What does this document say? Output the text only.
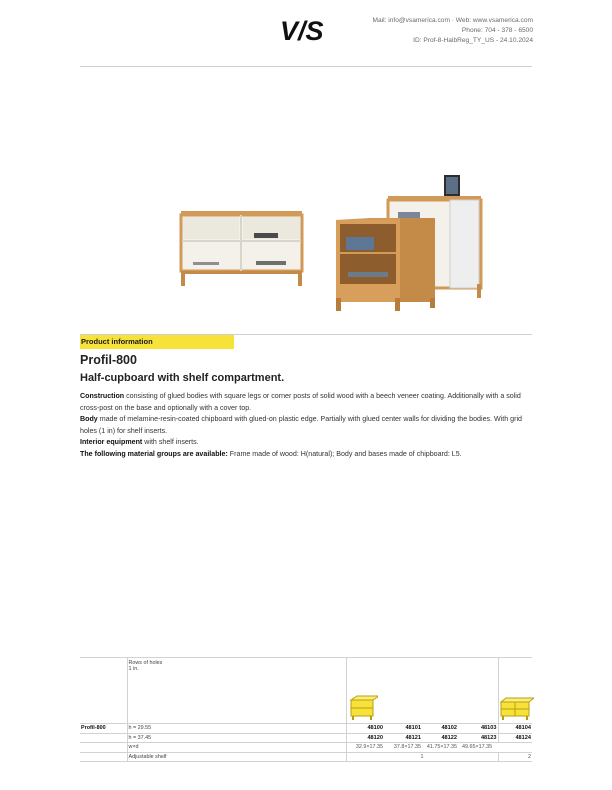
V/S	Mail: info@vsamerica.com · Web: www.vsamerica.com
Phone: 704 - 378 - 6500
ID: Prof-8-HalbReg_TY_US - 24.10.2024
Product information
Profil-800
Half-cupboard with shelf compartment.

Construction consisting of glued bodies with square legs or corner posts of solid wood with a beech veneer coating. Additionally with a solid cross-post on the base and optionally with a cover top.

Body made of melamine-resin-coated chipboard with glued-on plastic edge. Partially with glued center walls for dividing the bodies. With grid holes (1 in) for shelf inserts.

Interior equipment with shelf inserts.

The following material groups are available: Frame made of wood: H(natural); Body and bases made of chipboard: L5.

	Rows of holes
1 in.

Profil-800	h = 29.55	48100	48101	48102	48103	48104
	h = 37.45	48120	48121	48122	48123	48124
	w×d	32.9×17.35	37.8×17.35	41.75×17.35	49.65×17.35	
	Adjustable shelf	1				2
